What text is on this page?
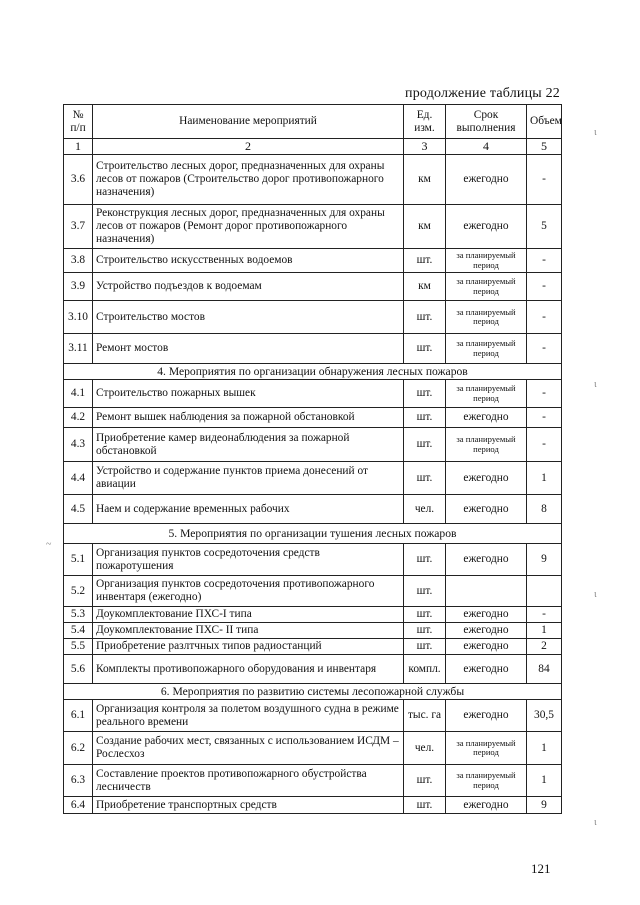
продолжение таблицы 22
№ п/п	Наименование мероприятий	Ед. изм.	Срок выполнения	Объем
1	2	3	4	5
3.6	Строительство лесных дорог, предназначенных для охраны лесов от пожаров (Строительство дорог противопожарного назначения)	км	ежегодно	-
3.7	Реконструкция лесных дорог, предназначенных для охраны лесов от пожаров (Ремонт дорог противопожарного назначения)	км	ежегодно	5
3.8	Строительство искусственных водоемов	шт.	за планируемый период	-
3.9	Устройство подъездов к водоемам	км	за планируемый период	-
3.10	Строительство мостов	шт.	за планируемый период	-
3.11	Ремонт мостов	шт.	за планируемый период	-
4. Мероприятия по организации обнаружения лесных пожаров				
4.1	Строительство пожарных вышек	шт.	за планируемый период	-
4.2	Ремонт вышек наблюдения за пожарной обстановкой	шт.	ежегодно	-
4.3	Приобретение камер видеонаблюдения за пожарной обстановкой	шт.	за планируемый период	-
4.4	Устройство и содержание пунктов приема донесений от авиации	шт.	ежегодно	1
4.5	Наем и содержание временных рабочих	чел.	ежегодно	8
5. Мероприятия по организации тушения лесных пожаров				
5.1	Организация пунктов сосредоточения средств пожаротушения	шт.	ежегодно	9
5.2	Организация пунктов сосредоточения противопожарного инвентаря (ежегодно)	шт.		
5.3	Доукомплектование ПХС-I типа	шт.	ежегодно	-
5.4	Доукомплектование ПХС- II типа	шт.	ежегодно	1
5.5	Приобретение разлтчных типов радиостанций	шт.	ежегодно	2
5.6	Комплекты противопожарного оборудования и инвентаря	компл.	ежегодно	84
6. Мероприятия по развитию системы лесопожарной службы				
6.1	Организация контроля за полетом воздушного судна в режиме реального времени	тыс. га	ежегодно	30,5
6.2	Создание рабочих мест, связанных с использованием ИСДМ – Рослесхоз	чел.	за планируемый период	1
6.3	Составление проектов противопожарного обустройства лесничеств	шт.	за планируемый период	1
6.4	Приобретение транспортных средств	шт.	ежегодно	9
121
ι
ι
ι
ι
~
